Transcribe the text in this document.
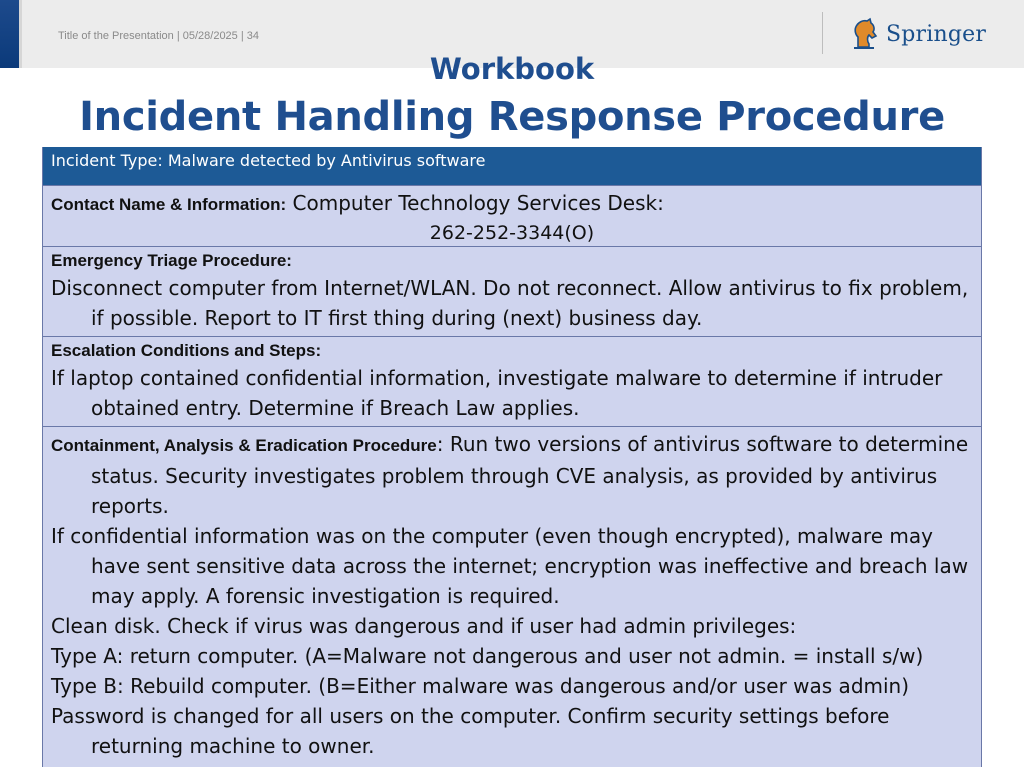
Title of the Presentation | 05/28/2025 | 34	Springer
Workbook
Incident Handling Response Procedure
Incident Type: Malware detected by Antivirus software
Contact Name & Information: Computer Technology Services Desk:
262-252-3344(O)
Emergency Triage Procedure:
Disconnect computer from Internet/WLAN. Do not reconnect. Allow antivirus to fix problem, if possible. Report to IT first thing during (next) business day.
Escalation Conditions and Steps:
If laptop contained confidential information, investigate malware to determine if intruder obtained entry. Determine if Breach Law applies.
Containment, Analysis & Eradication Procedure: Run two versions of antivirus software to determine status. Security investigates problem through CVE analysis, as provided by antivirus reports.
If confidential information was on the computer (even though encrypted), malware may have sent sensitive data across the internet; encryption was ineffective and breach law may apply. A forensic investigation is required.
Clean disk. Check if virus was dangerous and if user had admin privileges:
Type A: return computer. (A=Malware not dangerous and user not admin. = install s/w)
Type B: Rebuild computer. (B=Either malware was dangerous and/or user was admin)
Password is changed for all users on the computer. Confirm security settings before returning machine to owner.
